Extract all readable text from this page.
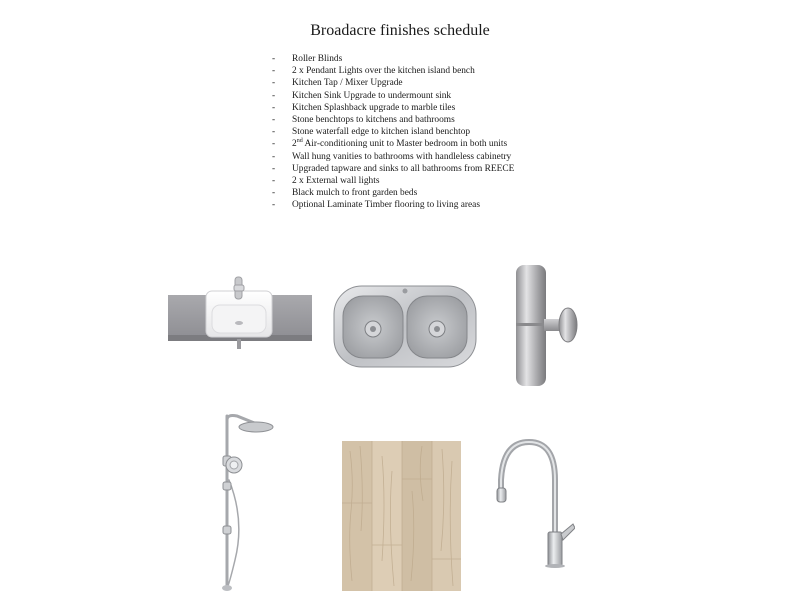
Broadacre finishes schedule
- Roller Blinds
- 2 x Pendant Lights over the kitchen island bench
- Kitchen Tap / Mixer Upgrade
- Kitchen Sink Upgrade to undermount sink
- Kitchen Splashback upgrade to marble tiles
- Stone benchtops to kitchens and bathrooms
- Stone waterfall edge to kitchen island benchtop
- 2nd Air-conditioning unit to Master bedroom in both units
- Wall hung vanities to bathrooms with handleless cabinetry
- Upgraded tapware and sinks to all bathrooms from REECE
- 2 x External wall lights
- Black mulch to front garden beds
- Optional Laminate Timber flooring to living areas
